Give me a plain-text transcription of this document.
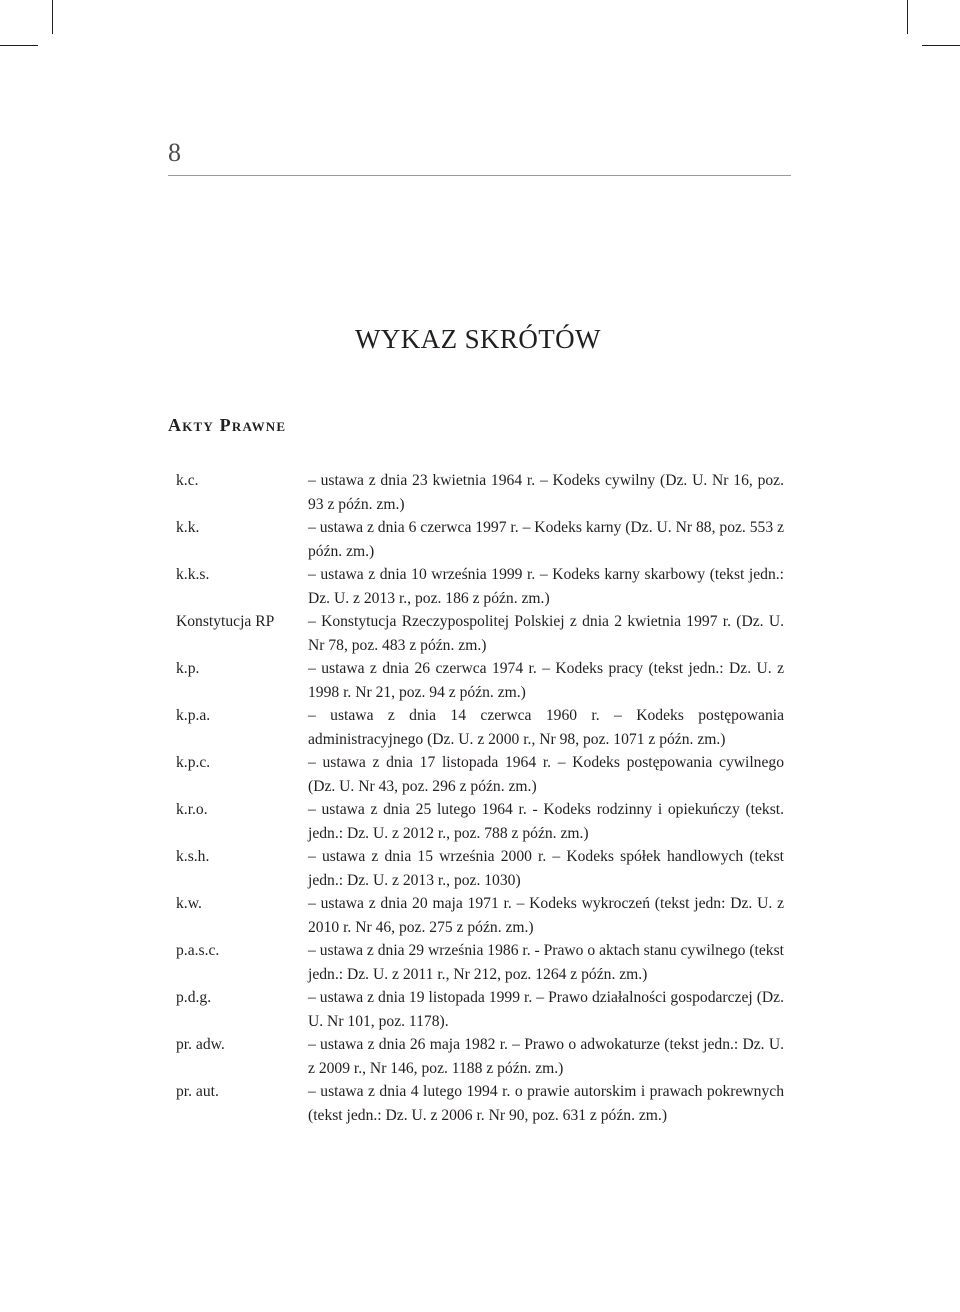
8
WYKAZ SKRÓTÓW
Akty Prawne
k.c.	– ustawa z dnia 23 kwietnia 1964 r. – Kodeks cywilny (Dz. U. Nr 16, poz. 93 z późn. zm.)
k.k.	– ustawa z dnia 6 czerwca 1997 r. – Kodeks karny (Dz. U. Nr 88, poz. 553 z późn. zm.)
k.k.s.	– ustawa z dnia 10 września 1999 r. – Kodeks karny skarbowy (tekst jedn.: Dz. U. z 2013 r., poz. 186 z późn. zm.)
Konstytucja RP	– Konstytucja Rzeczypospolitej Polskiej z dnia 2 kwietnia 1997 r. (Dz. U. Nr 78, poz. 483 z późn. zm.)
k.p.	– ustawa z dnia 26 czerwca 1974 r. – Kodeks pracy (tekst jedn.: Dz. U. z 1998 r. Nr 21, poz. 94 z późn. zm.)
k.p.a.	– ustawa z dnia 14 czerwca 1960 r. – Kodeks postępowania administracyjnego (Dz. U. z 2000 r., Nr 98, poz. 1071 z późn. zm.)
k.p.c.	– ustawa z dnia 17 listopada 1964 r. – Kodeks postępowania cywilnego (Dz. U. Nr 43, poz. 296 z późn. zm.)
k.r.o.	– ustawa z dnia 25 lutego 1964 r. - Kodeks rodzinny i opiekuńczy (tekst. jedn.: Dz. U. z 2012 r., poz. 788 z późn. zm.)
k.s.h.	– ustawa z dnia 15 września 2000 r. – Kodeks spółek handlowych (tekst jedn.: Dz. U. z 2013 r., poz. 1030)
k.w.	– ustawa z dnia 20 maja 1971 r. – Kodeks wykroczeń (tekst jedn: Dz. U. z 2010 r. Nr 46, poz. 275 z późn. zm.)
p.a.s.c.	– ustawa z dnia 29 września 1986 r. - Prawo o aktach stanu cywilnego (tekst jedn.: Dz. U. z 2011 r., Nr 212, poz. 1264 z późn. zm.)
p.d.g.	– ustawa z dnia 19 listopada 1999 r. – Prawo działalności gospodarczej (Dz. U. Nr 101, poz. 1178).
pr. adw.	– ustawa z dnia 26 maja 1982 r. – Prawo o adwokaturze (tekst jedn.: Dz. U. z 2009 r., Nr 146, poz. 1188 z późn. zm.)
pr. aut.	– ustawa z dnia 4 lutego 1994 r. o prawie autorskim i prawach pokrewnych (tekst jedn.: Dz. U. z 2006 r. Nr 90, poz. 631 z późn. zm.)
